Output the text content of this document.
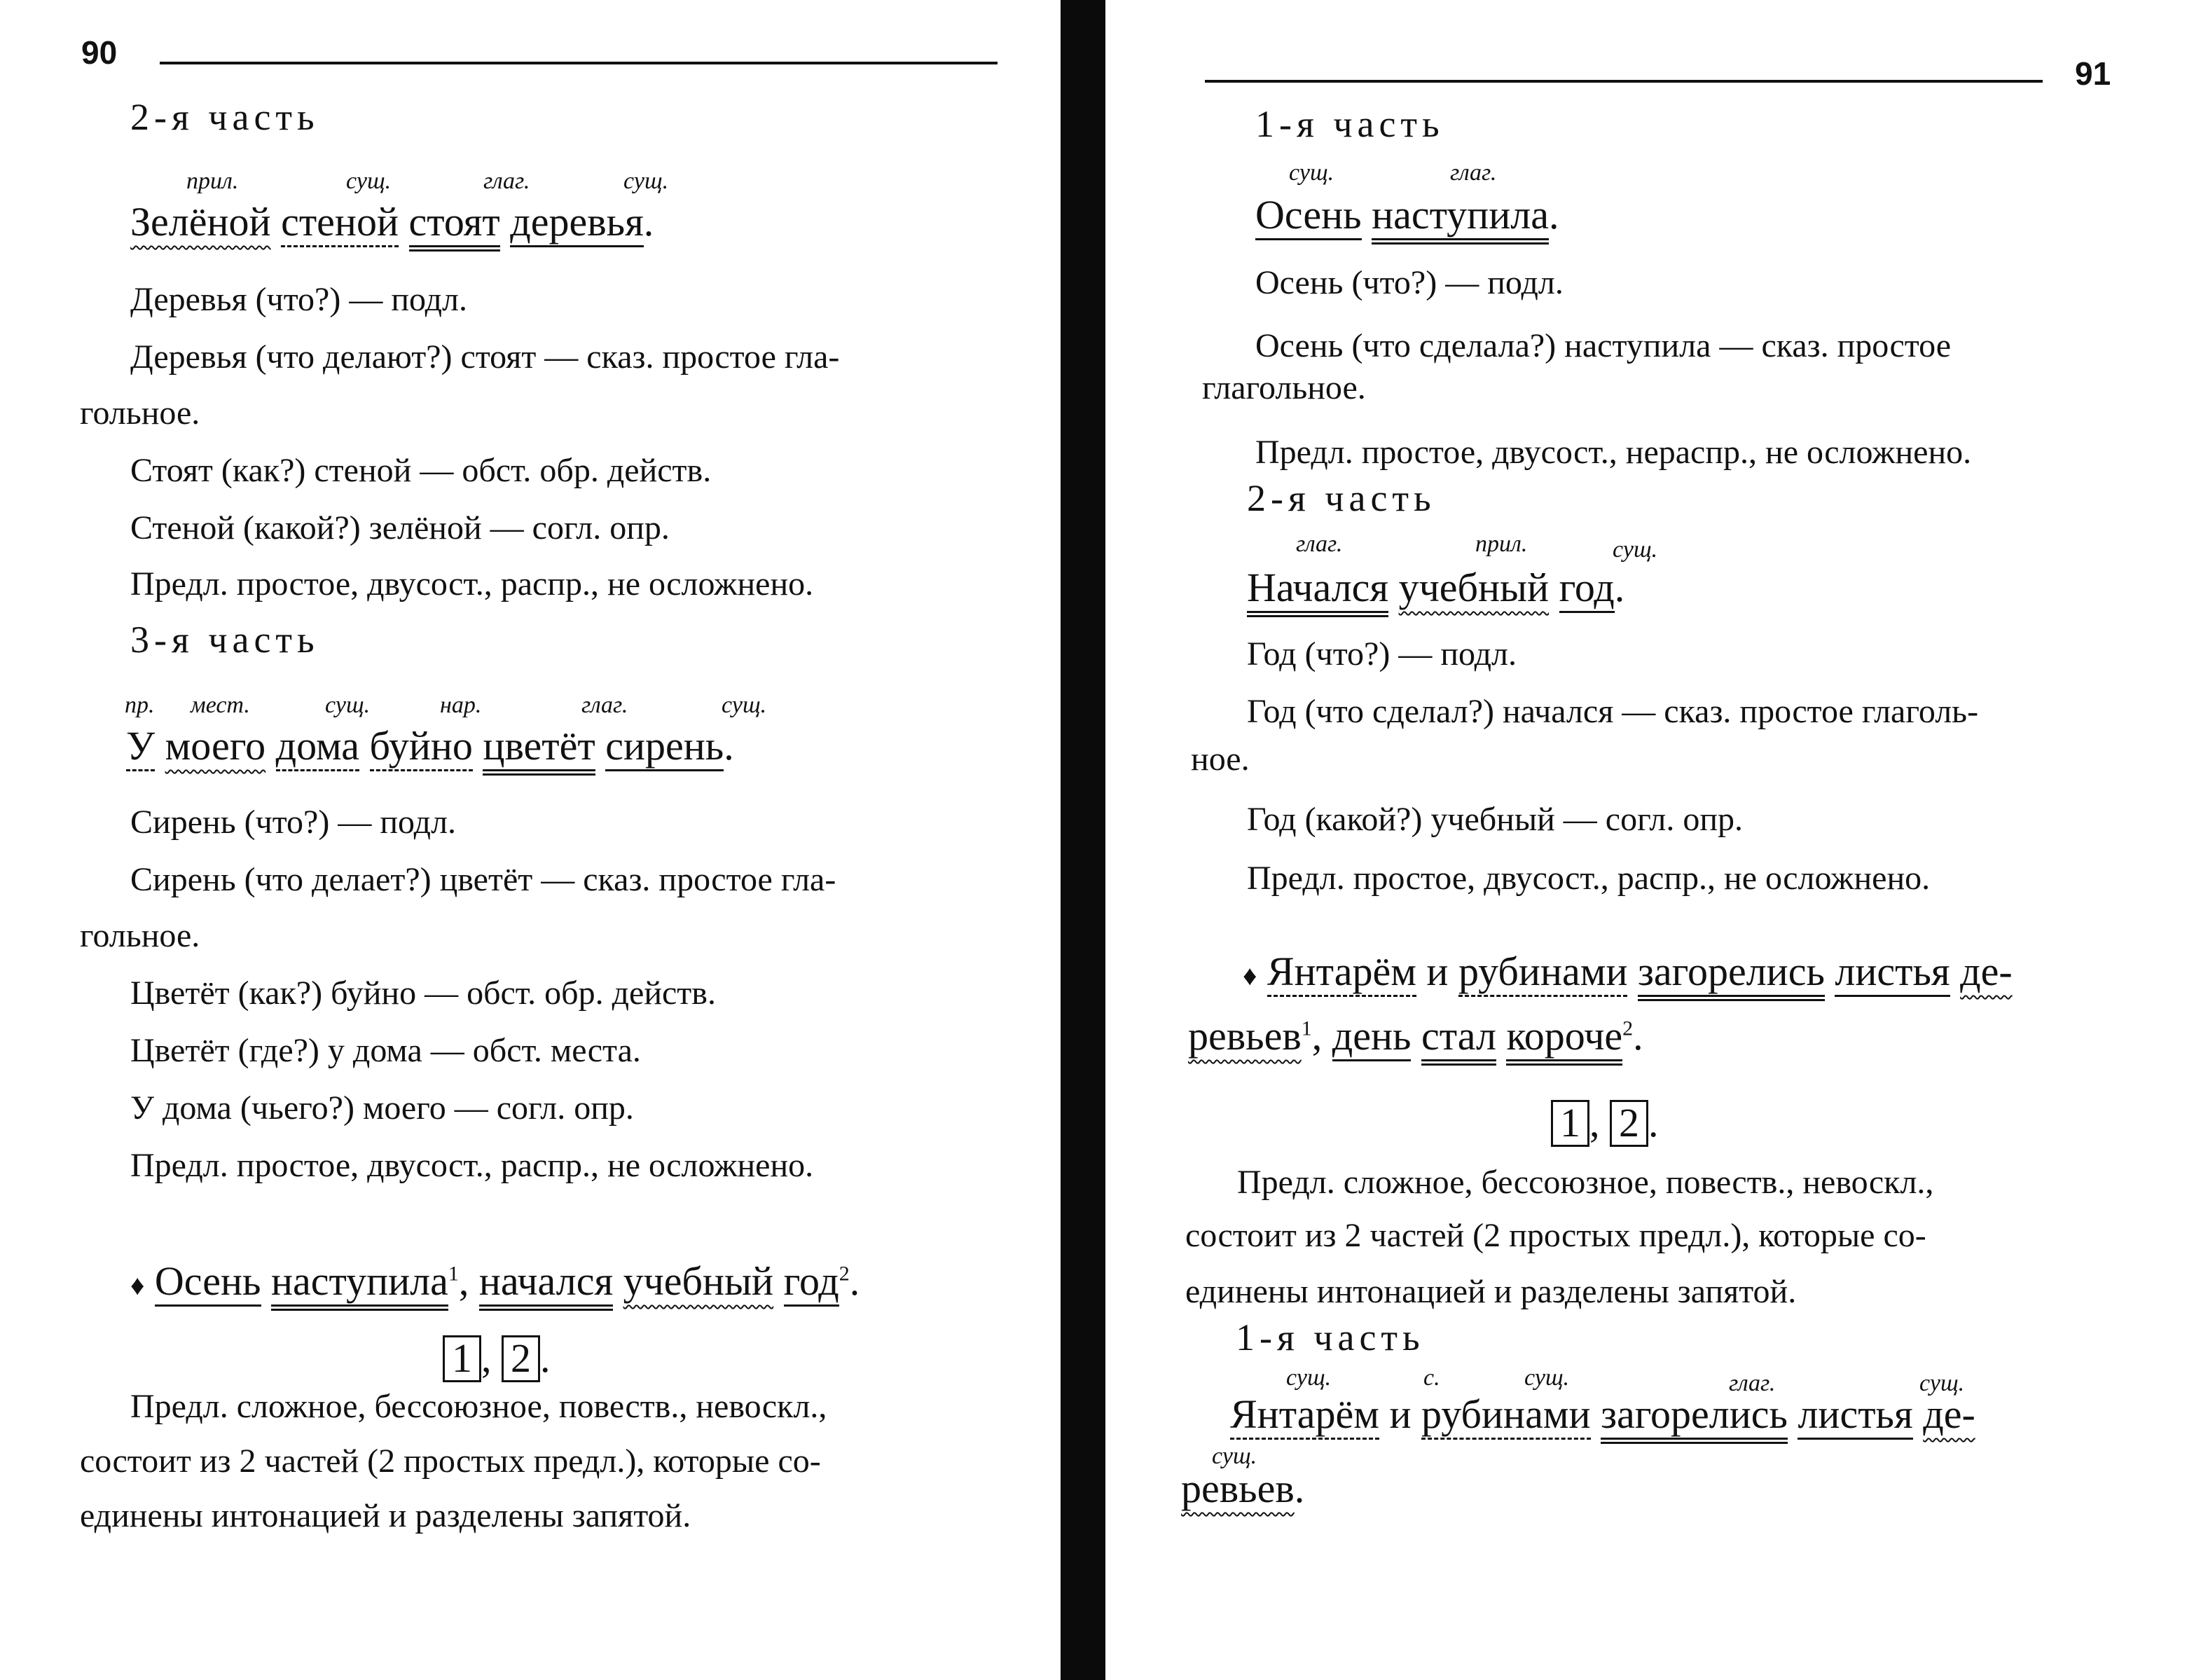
90
2-я часть
прил.	сущ.	глаг.	сущ.
Зелёной стеной стоят деревья.
Деревья (что?) — подл.
Деревья (что делают?) стоят — сказ. простое гла-
гольное.
Стоят (как?) стеной — обст. обр. действ.
Стеной (какой?) зелёной — согл. опр.
Предл. простое, двусост., распр., не осложнено.
3-я часть
пр. мест.	сущ.	нар.	глаг.	сущ.
У моего дома буйно цветёт сирень.
Сирень (что?) — подл.
Сирень (что делает?) цветёт — сказ. простое гла-
гольное.
Цветёт (как?) буйно — обст. обр. действ.
Цветёт (где?) у дома — обст. места.
У дома (чьего?) моего — согл. опр.
Предл. простое, двусост., распр., не осложнено.
♦ Осень наступила$^1$, начался учебный год$^2$.
1 , 2 .
Предл. сложное, бессоюзное, повеств., невоскл.,
состоит из 2 частей (2 простых предл.), которые со-
единены интонацией и разделены запятой.
91
1-я часть
сущ.	глаг.
Осень наступила.
Осень (что?) — подл.
Осень (что сделала?) наступила — сказ. простое
глагольное.
Предл. простое, двусост., нераспр., не осложнено.
2-я часть
глаг.	прил.	сущ.
Начался учебный год.
Год (что?) — подл.
Год (что сделал?) начался — сказ. простое глаголь-
ное.
Год (какой?) учебный — согл. опр.
Предл. простое, двусост., распр., не осложнено.
♦ Янтарём и рубинами загорелись листья де-
ревьев$^1$, день стал короче$^2$.
1 , 2 .
Предл. сложное, бессоюзное, повеств., невоскл.,
состоит из 2 частей (2 простых предл.), которые со-
единены интонацией и разделены запятой.
1-я часть
сущ.	с.	сущ.	глаг.	сущ.
Янтарём и рубинами загорелись листья де-
сущ.
ревьев.
